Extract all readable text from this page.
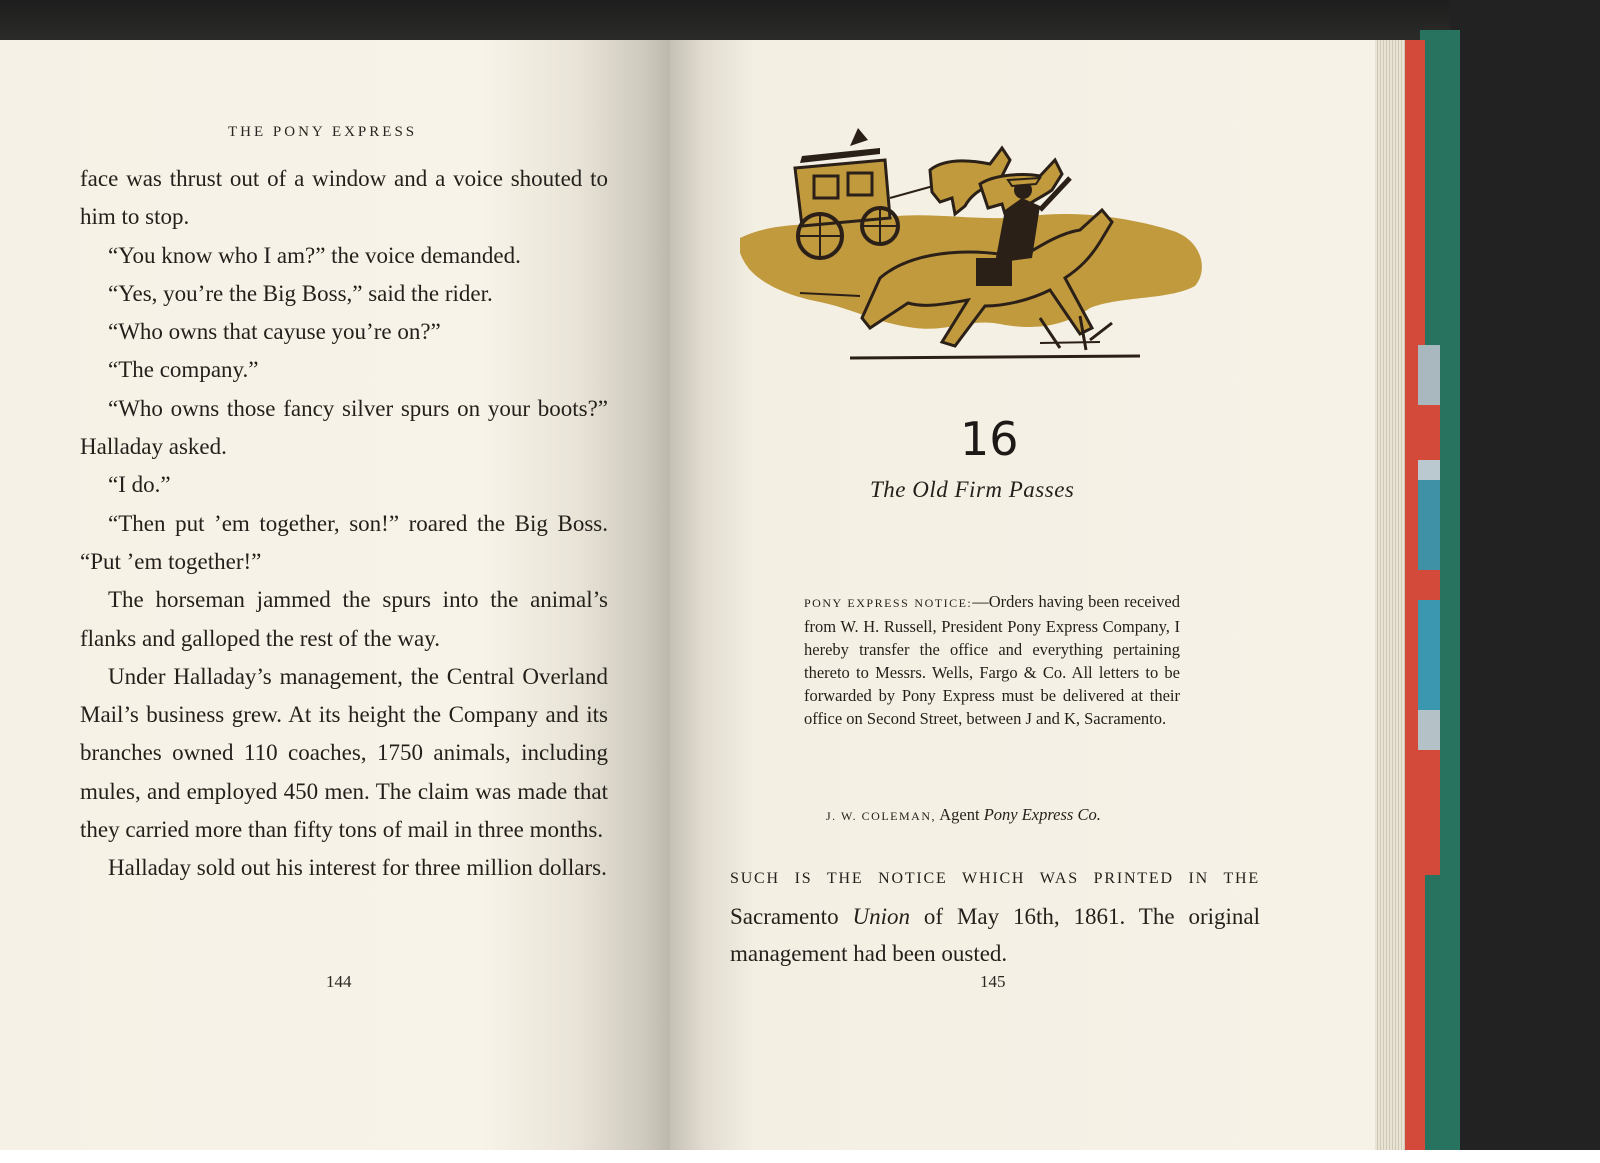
THE PONY EXPRESS

face was thrust out of a window and a voice shouted to him to stop.

“You know who I am?” the voice demanded.

“Yes, you’re the Big Boss,” said the rider.

“Who owns that cayuse you’re on?”

“The company.”

“Who owns those fancy silver spurs on your boots?” Halladay asked.

“I do.”

“Then put ’em together, son!” roared the Big Boss. “Put ’em together!”

The horseman jammed the spurs into the animal’s flanks and galloped the rest of the way.

Under Halladay’s management, the Central Overland Mail’s business grew. At its height the Company and its branches owned 110 coaches, 1750 animals, including mules, and employed 450 men. The claim was made that they carried more than fifty tons of mail in three months.

Halladay sold out his interest for three million dollars.

144
16
The Old Firm Passes
PONY EXPRESS NOTICE:—Orders having been received from W. H. Russell, President Pony Express Company, I hereby transfer the office and everything pertaining thereto to Messrs. Wells, Fargo & Co. All letters to be forwarded by Pony Express must be delivered at their office on Second Street, between J and K, Sacramento.
J. W. COLEMAN, Agent Pony Express Co.

SUCH IS THE NOTICE WHICH WAS PRINTED IN THE Sacramento Union of May 16th, 1861. The original management had been ousted.

145
